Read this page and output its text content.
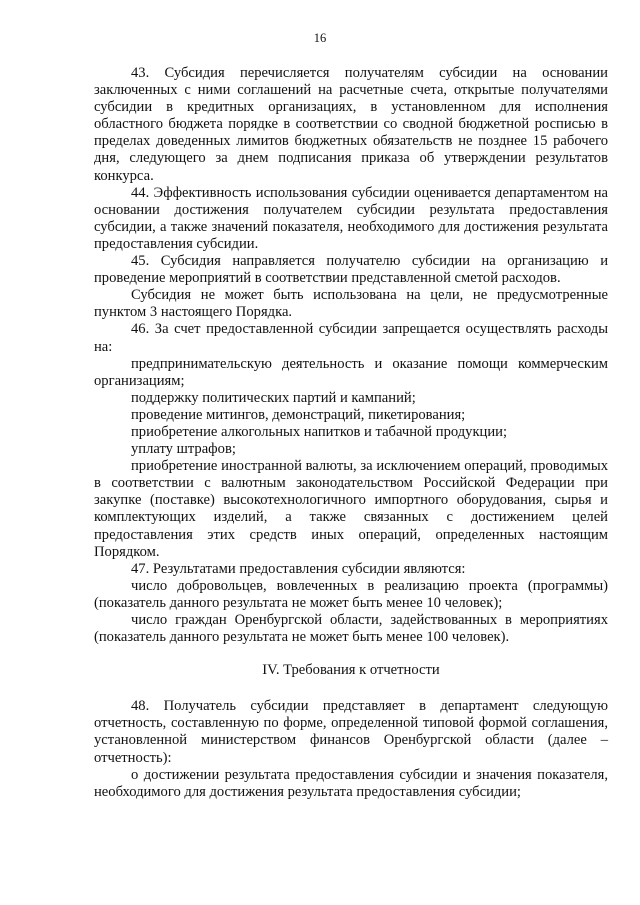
16

43. Субсидия перечисляется получателям субсидии на основании заключенных с ними соглашений на расчетные счета, открытые получателями субсидии в кредитных организациях, в установленном для исполнения областного бюджета порядке в соответствии со сводной бюджетной росписью в пределах доведенных лимитов бюджетных обязательств не позднее 15 рабочего дня, следующего за днем подписания приказа об утверждении результатов конкурса.

44. Эффективность использования субсидии оценивается департаментом на основании достижения получателем субсидии результата предоставления субсидии, а также значений показателя, необходимого для достижения результата предоставления субсидии.

45. Субсидия направляется получателю субсидии на организацию и проведение мероприятий в соответствии представленной сметой расходов.

Субсидия не может быть использована на цели, не предусмотренные пунктом 3 настоящего Порядка.

46. За счет предоставленной субсидии запрещается осуществлять расходы на:

предпринимательскую деятельность и оказание помощи коммерческим организациям;

поддержку политических партий и кампаний;

проведение митингов, демонстраций, пикетирования;

приобретение алкогольных напитков и табачной продукции;

уплату штрафов;

приобретение иностранной валюты, за исключением операций, проводимых в соответствии с валютным законодательством Российской Федерации при закупке (поставке) высокотехнологичного импортного оборудования, сырья и комплектующих изделий, а также связанных с достижением целей предоставления этих средств иных операций, определенных настоящим Порядком.

47. Результатами предоставления субсидии являются:

число добровольцев, вовлеченных в реализацию проекта (программы) (показатель данного результата не может быть менее 10 человек);

число граждан Оренбургской области, задействованных в мероприятиях (показатель данного результата не может быть менее 100 человек).

IV. Требования к отчетности

48. Получатель субсидии представляет в департамент следующую отчетность, составленную по форме, определенной типовой формой соглашения, установленной министерством финансов Оренбургской области (далее – отчетность):

о достижении результата предоставления субсидии и значения показателя, необходимого для достижения результата предоставления субсидии;
